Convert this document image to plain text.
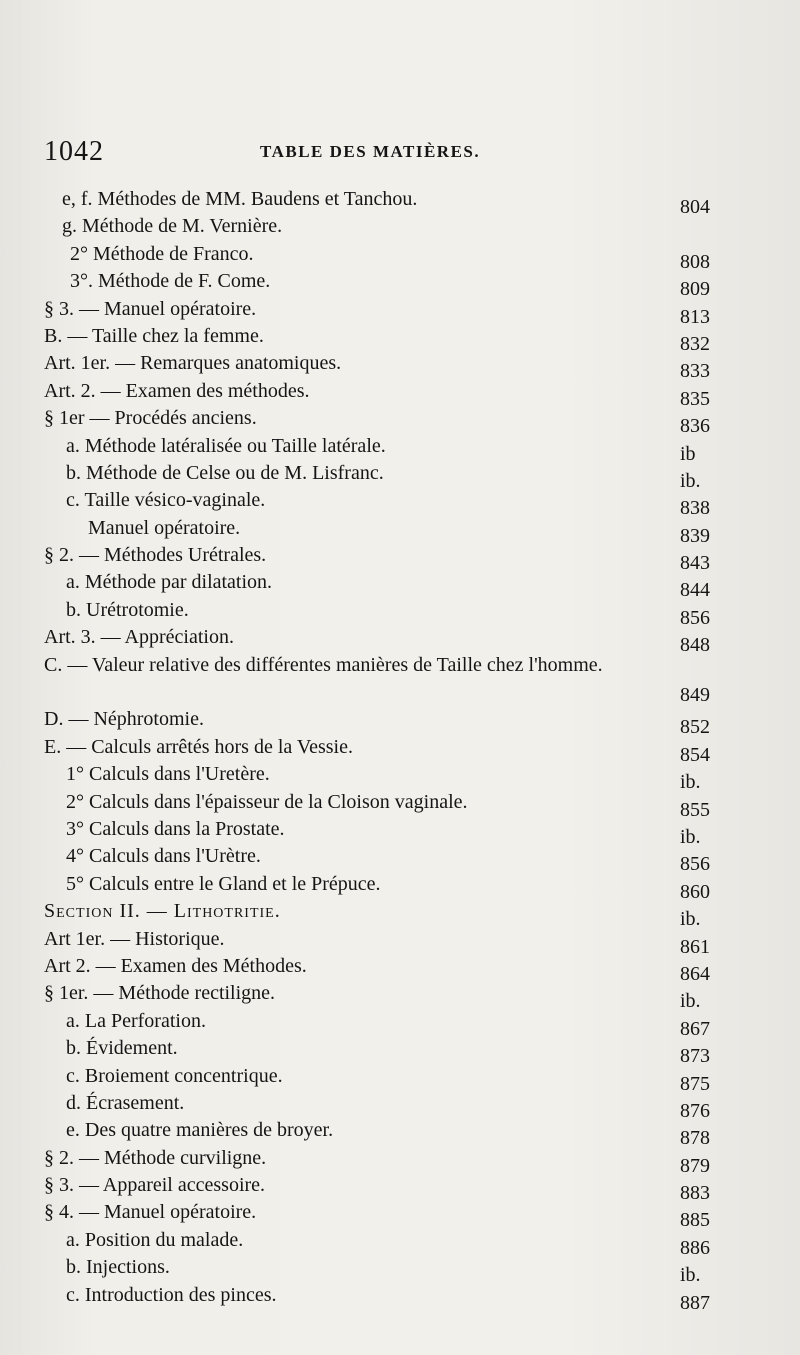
1042	TABLE DES MATIÈRES.
e, f. Méthodes de MM. Baudens et Tanchou.	804
g. Méthode de M. Vernière.
2° Méthode de Franco.	808
3°. Méthode de F. Come.	809
§ 3. — Manuel opératoire.	813
B. — Taille chez la femme.	832
Art. 1er. — Remarques anatomiques.	833
Art. 2. — Examen des méthodes.	835
§ 1er — Procédés anciens.	836
a. Méthode latéralisée ou Taille latérale.	ib
b. Méthode de Celse ou de M. Lisfranc.	ib.
c. Taille vésico-vaginale.	838
Manuel opératoire.	839
§ 2. — Méthodes Urétrales.	843
a. Méthode par dilatation.	844
b. Urétrotomie.	856
Art. 3. — Appréciation.	848
C. — Valeur relative des différentes manières de Taille chez l'homme.
849
D. — Néphrotomie.	852
E. — Calculs arrêtés hors de la Vessie.	854
1° Calculs dans l'Uretère.	ib.
2° Calculs dans l'épaisseur de la Cloison vaginale.	855
3° Calculs dans la Prostate.	ib.
4° Calculs dans l'Urètre.	856
5° Calculs entre le Gland et le Prépuce.	860
Section II. — Lithotritie.	ib.
Art 1er. — Historique.	861
Art 2. — Examen des Méthodes.	864
§ 1er. — Méthode rectiligne.	ib.
a. La Perforation.	867
b. Évidement.	873
c. Broiement concentrique.	875
d. Écrasement.	876
e. Des quatre manières de broyer.	878
§ 2. — Méthode curviligne.	879
§ 3. — Appareil accessoire.	883
§ 4. — Manuel opératoire.	885
a. Position du malade.	886
b. Injections.	ib.
c. Introduction des pinces.	887
